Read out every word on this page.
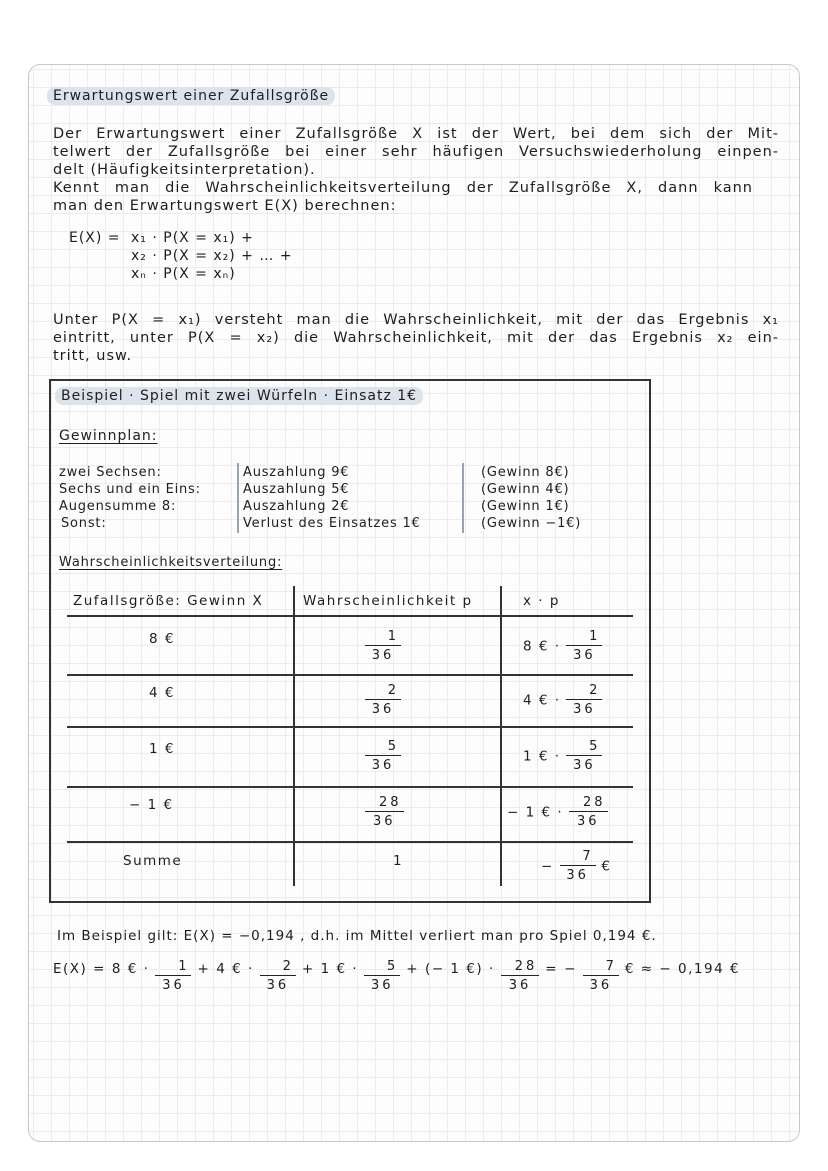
Erwartungswert einer Zufallsgröße
Der Erwartungswert einer Zufallsgröße X ist der Wert, bei dem sich der Mit-
telwert der Zufallsgröße bei einer sehr häufigen Versuchswiederholung einpen-
delt (Häufigkeitsinterpretation).
Kennt man die Wahrscheinlichkeitsverteilung der Zufallsgröße X, dann kann
man den Erwartungswert E(X) berechnen:
E(X) = x₁ · P(X = x₁) +
x₂ · P(X = x₂) + … +
xₙ · P(X = xₙ)
Unter P(X = x₁) versteht man die Wahrscheinlichkeit, mit der das Ergebnis x₁
eintritt, unter P(X = x₂) die Wahrscheinlichkeit, mit der das Ergebnis x₂ ein-
tritt, usw.
Beispiel · Spiel mit zwei Würfeln · Einsatz 1€
Gewinnplan:
zwei Sechsen:	Auszahlung 9€	(Gewinn 8€)
Sechs und ein Eins:	Auszahlung 5€	(Gewinn 4€)
Augensumme 8:	Auszahlung 2€	(Gewinn 1€)
Sonst:	Verlust des Einsatzes 1€	(Gewinn −1€)
Wahrscheinlichkeitsverteilung:
Zufallsgröße: Gewinn X	Wahrscheinlichkeit p	x · p
8 €	$\frac{1}{36}$	8 € · $\frac{1}{36}$
4 €	$\frac{2}{36}$	4 € · $\frac{2}{36}$
1 €	$\frac{5}{36}$	1 € · $\frac{5}{36}$
− 1 €	$\frac{28}{36}$	− 1 € · $\frac{28}{36}$
Summe	1	− $\frac{7}{36}$ €
Im Beispiel gilt: E(X) = −0,194 , d.h. im Mittel verliert man pro Spiel 0,194 €.
E(X) = 8 € · $\frac{1}{36} + 4$ € · $\frac{2}{36} + 1$ € · $\frac{5}{36}$ + (− 1 €) · $\frac{28}{36}$ = − $\frac{7}{36}$ € ≈ − 0,194 €
